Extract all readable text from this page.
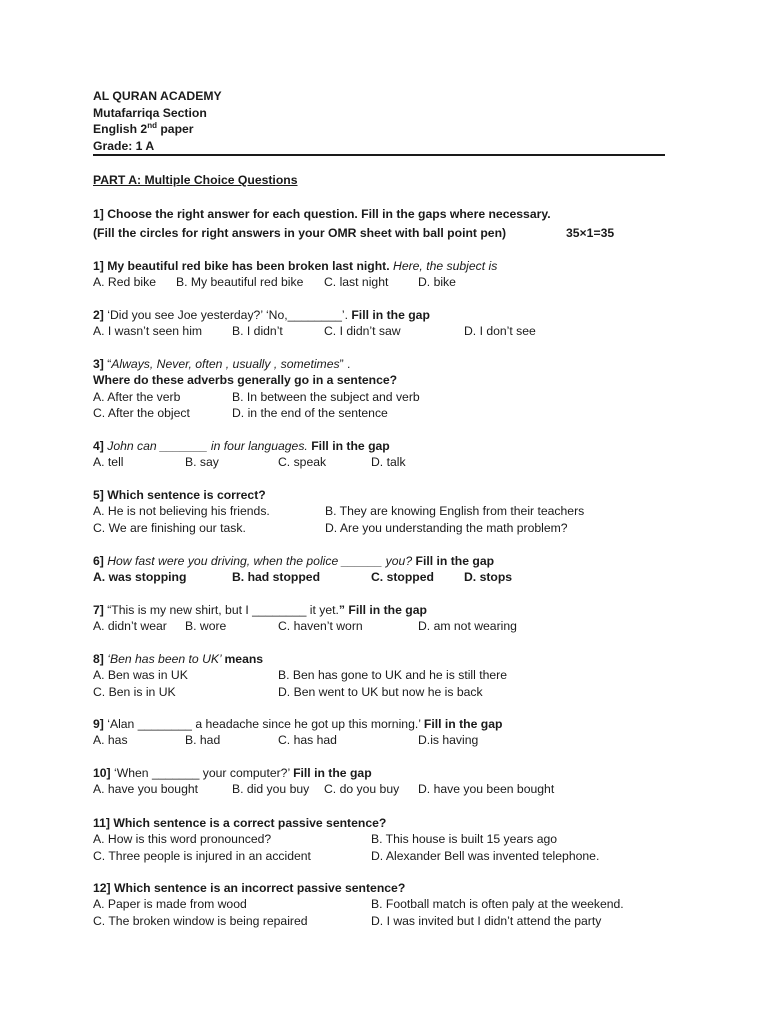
AL QURAN ACADEMY
Mutafarriqa Section
English 2nd paper
Grade: 1 A
PART A: Multiple Choice Questions
1] Choose the right answer for each question. Fill in the gaps where necessary.
(Fill the circles for right answers in your OMR sheet with ball point pen)	35×1=35
1] My beautiful red bike has been broken last night. Here, the subject is
A. Red bike B. My beautiful red bike C. last night D. bike
2] ‘Did you see Joe yesterday?’ ‘No,________’. Fill in the gap
A. I wasn’t seen him B. I didn’t	C. I didn’t saw	D. I don’t see
3] “Always, Never, often , usually , sometimes” .
Where do these adverbs generally go in a sentence?
A. After the verb	B. In between the subject and verb
C. After the object	D. in the end of the sentence
4] John can _______ in four languages. Fill in the gap
A. tell	B. say	C. speak	D. talk
5] Which sentence is correct?
A. He is not believing his friends.	B. They are knowing English from their teachers
C. We are finishing our task.	D. Are you understanding the math problem?
6] How fast were you driving, when the police ______ you? Fill in the gap
A. was stopping	B. had stopped	C. stopped D. stops
7] “This is my new shirt, but I ________ it yet.” Fill in the gap
A. didn’t wear B. wore	C. haven’t worn	D. am not wearing
8] ‘Ben has been to UK’ means
A. Ben was in UK	B. Ben has gone to UK and he is still there
C. Ben is in UK	D. Ben went to UK but now he is back
9] ‘Alan ________ a headache since he got up this morning.’ Fill in the gap
A. has	B. had	C. has had	D.is having
10] ‘When _______ your computer?’ Fill in the gap
A. have you bought	B. did you buy C. do you buy D. have you been bought
11] Which sentence is a correct passive sentence?
A. How is this word pronounced?	B. This house is built 15 years ago
C. Three people is injured in an accident	D. Alexander Bell was invented telephone.
12] Which sentence is an incorrect passive sentence?
A. Paper is made from wood	B. Football match is often paly at the weekend.
C. The broken window is being repaired	D. I was invited but I didn’t attend the party
